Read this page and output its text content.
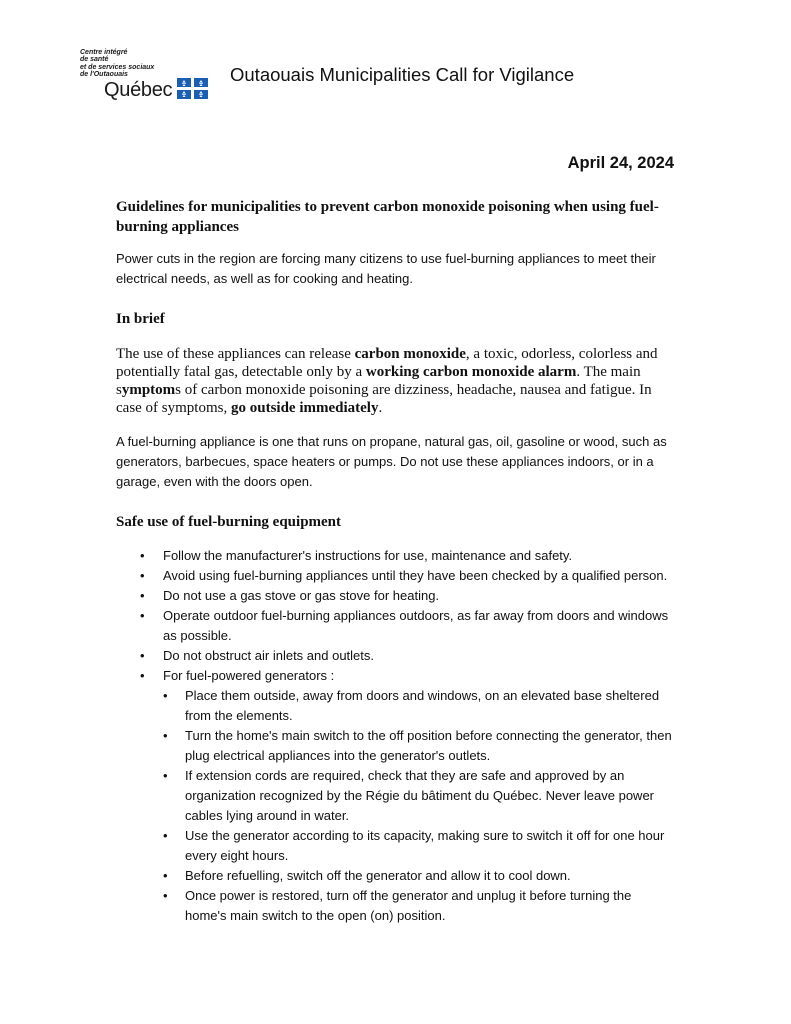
Centre intégré
de santé
et de services sociaux
de l'Outaouais
Québec
Outaouais Municipalities Call for Vigilance
April 24, 2024
Guidelines for municipalities to prevent carbon monoxide poisoning when using fuel-burning appliances
Power cuts in the region are forcing many citizens to use fuel-burning appliances to meet their electrical needs, as well as for cooking and heating.
In brief
The use of these appliances can release carbon monoxide, a toxic, odorless, colorless and potentially fatal gas, detectable only by a working carbon monoxide alarm. The main symptoms of carbon monoxide poisoning are dizziness, headache, nausea and fatigue. In case of symptoms, go outside immediately.
A fuel-burning appliance is one that runs on propane, natural gas, oil, gasoline or wood, such as generators, barbecues, space heaters or pumps. Do not use these appliances indoors, or in a garage, even with the doors open.
Safe use of fuel-burning equipment
• Follow the manufacturer's instructions for use, maintenance and safety.
• Avoid using fuel-burning appliances until they have been checked by a qualified person.
• Do not use a gas stove or gas stove for heating.
• Operate outdoor fuel-burning appliances outdoors, as far away from doors and windows as possible.
• Do not obstruct air inlets and outlets.
• For fuel-powered generators :
• Place them outside, away from doors and windows, on an elevated base sheltered from the elements.
• Turn the home's main switch to the off position before connecting the generator, then plug electrical appliances into the generator's outlets.
• If extension cords are required, check that they are safe and approved by an organization recognized by the Régie du bâtiment du Québec. Never leave power cables lying around in water.
• Use the generator according to its capacity, making sure to switch it off for one hour every eight hours.
• Before refuelling, switch off the generator and allow it to cool down.
• Once power is restored, turn off the generator and unplug it before turning the home's main switch to the open (on) position.
